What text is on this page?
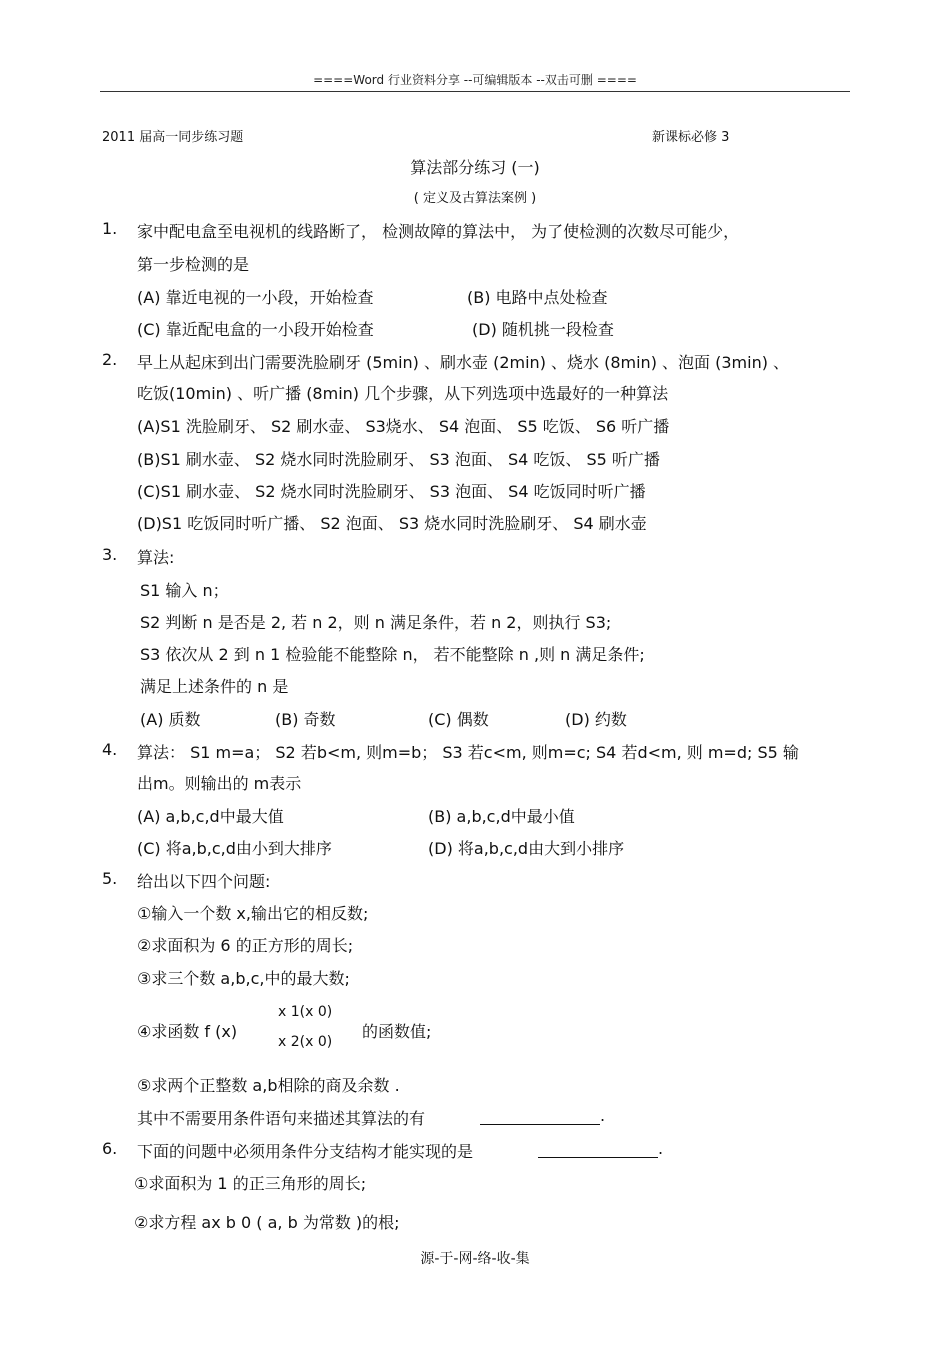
====Word 行业资料分享 --可编辑版本 --双击可删 ====
2011 届高一同步练习题	新课标必修 3
算法部分练习 (一)
( 定义及古算法案例 )
1. 家中配电盒至电视机的线路断了， 检测故障的算法中， 为了使检测的次数尽可能少，
第一步检测的是
(A) 靠近电视的一小段，开始检查	(B) 电路中点处检查
(C) 靠近配电盒的一小段开始检查	(D) 随机挑一段检查
2. 早上从起床到出门需要洗脸刷牙 (5min) 、刷水壶 (2min) 、烧水 (8min) 、泡面 (3min) 、
吃饭(10min) 、听广播 (8min) 几个步骤，从下列选项中选最好的一种算法
(A)S1 洗脸刷牙、 S2 刷水壶、 S3烧水、 S4 泡面、 S5 吃饭、 S6 听广播
(B)S1 刷水壶、 S2 烧水同时洗脸刷牙、 S3 泡面、 S4 吃饭、 S5 听广播
(C)S1 刷水壶、 S2 烧水同时洗脸刷牙、 S3 泡面、 S4 吃饭同时听广播
(D)S1 吃饭同时听广播、 S2 泡面、 S3 烧水同时洗脸刷牙、 S4 刷水壶
3. 算法:
S1 输入 n；
S2 判断 n 是否是 2, 若 n 2，则 n 满足条件，若 n 2，则执行 S3;
S3 依次从 2 到 n 1 检验能不能整除 n， 若不能整除 n ,则 n 满足条件;
满足上述条件的 n 是
(A) 质数	(B) 奇数	(C) 偶数	(D) 约数
4. 算法： S1 m=a； S2 若b<m, 则m=b； S3 若c<m, 则m=c; S4 若d<m, 则 m=d; S5 输
出m。则输出的 m表示
(A) a,b,c,d中最大值	(B) a,b,c,d中最小值
(C) 将a,b,c,d由小到大排序	(D) 将a,b,c,d由大到小排序
5. 给出以下四个问题:
①输入一个数 x,输出它的相反数;
②求面积为 6 的正方形的周长;
③求三个数 a,b,c,中的最大数;
④求函数 f (x)
x 1(x 0)
x 2(x 0)
的函数值;
⑤求两个正整数 a,b相除的商及余数 .
其中不需要用条件语句来描述其算法的有	.
6. 下面的问题中必须用条件分支结构才能实现的是	.
①求面积为 1 的正三角形的周长;
②求方程 ax b 0 ( a, b 为常数 )的根;
源-于-网-络-收-集
